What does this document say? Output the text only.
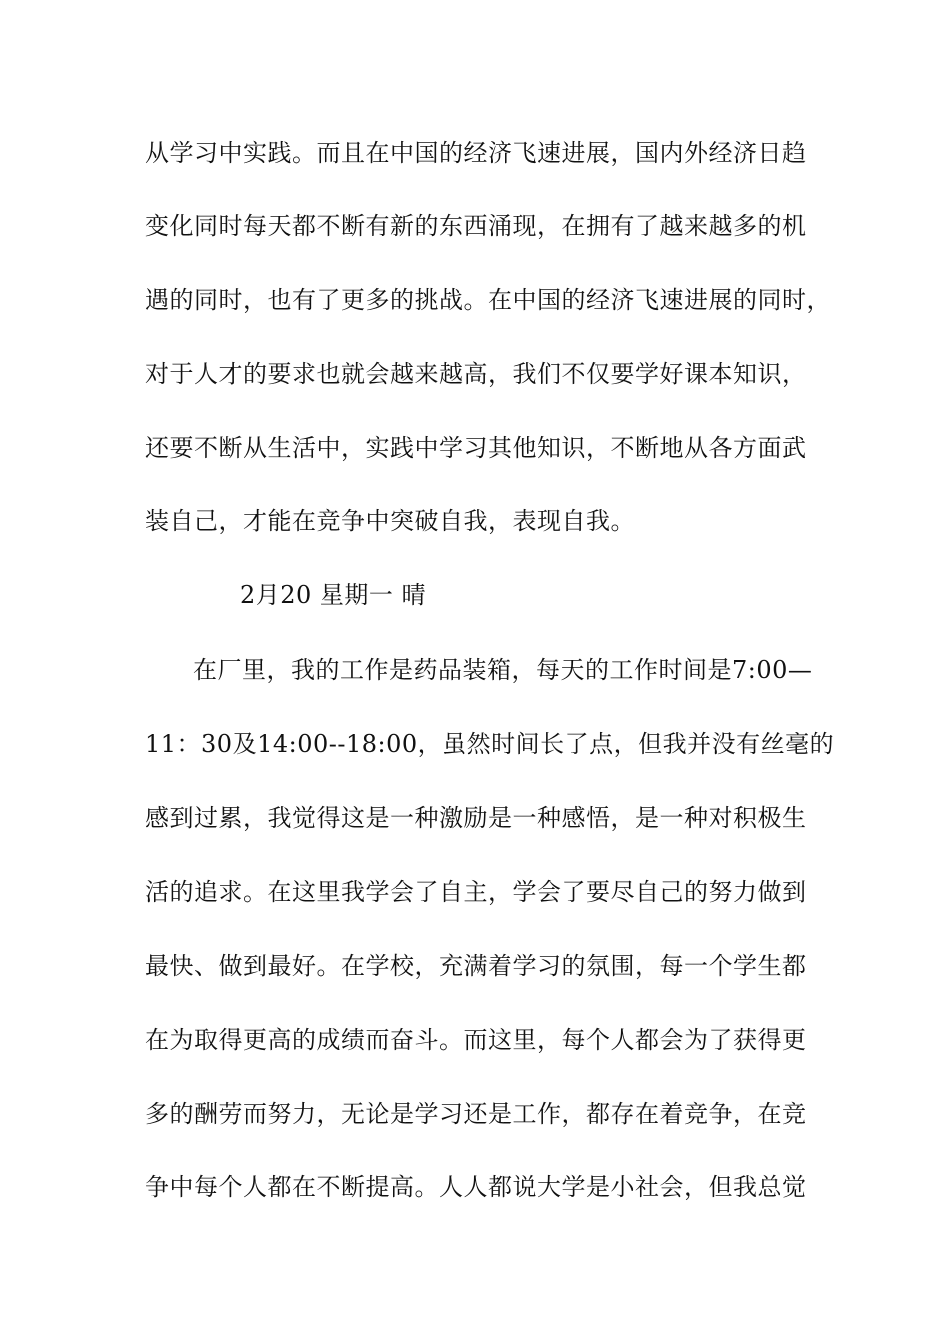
从学习中实践。而且在中国的经济飞速进展，国内外经济日趋
变化同时每天都不断有新的东西涌现，在拥有了越来越多的机
遇的同时，也有了更多的挑战。在中国的经济飞速进展的同时，
对于人才的要求也就会越来越高，我们不仅要学好课本知识，
还要不断从生活中，实践中学习其他知识，不断地从各方面武
装自己，才能在竞争中突破自我，表现自我。
2月20 星期一 晴
在厂里，我的工作是药品装箱，每天的工作时间是7:00—
11：30及14:00--18:00，虽然时间长了点，但我并没有丝毫的
感到过累，我觉得这是一种激励是一种感悟，是一种对积极生
活的追求。在这里我学会了自主，学会了要尽自己的努力做到
最快、做到最好。在学校，充满着学习的氛围，每一个学生都
在为取得更高的成绩而奋斗。而这里，每个人都会为了获得更
多的酬劳而努力，无论是学习还是工作，都存在着竞争，在竞
争中每个人都在不断提高。人人都说大学是小社会，但我总觉
